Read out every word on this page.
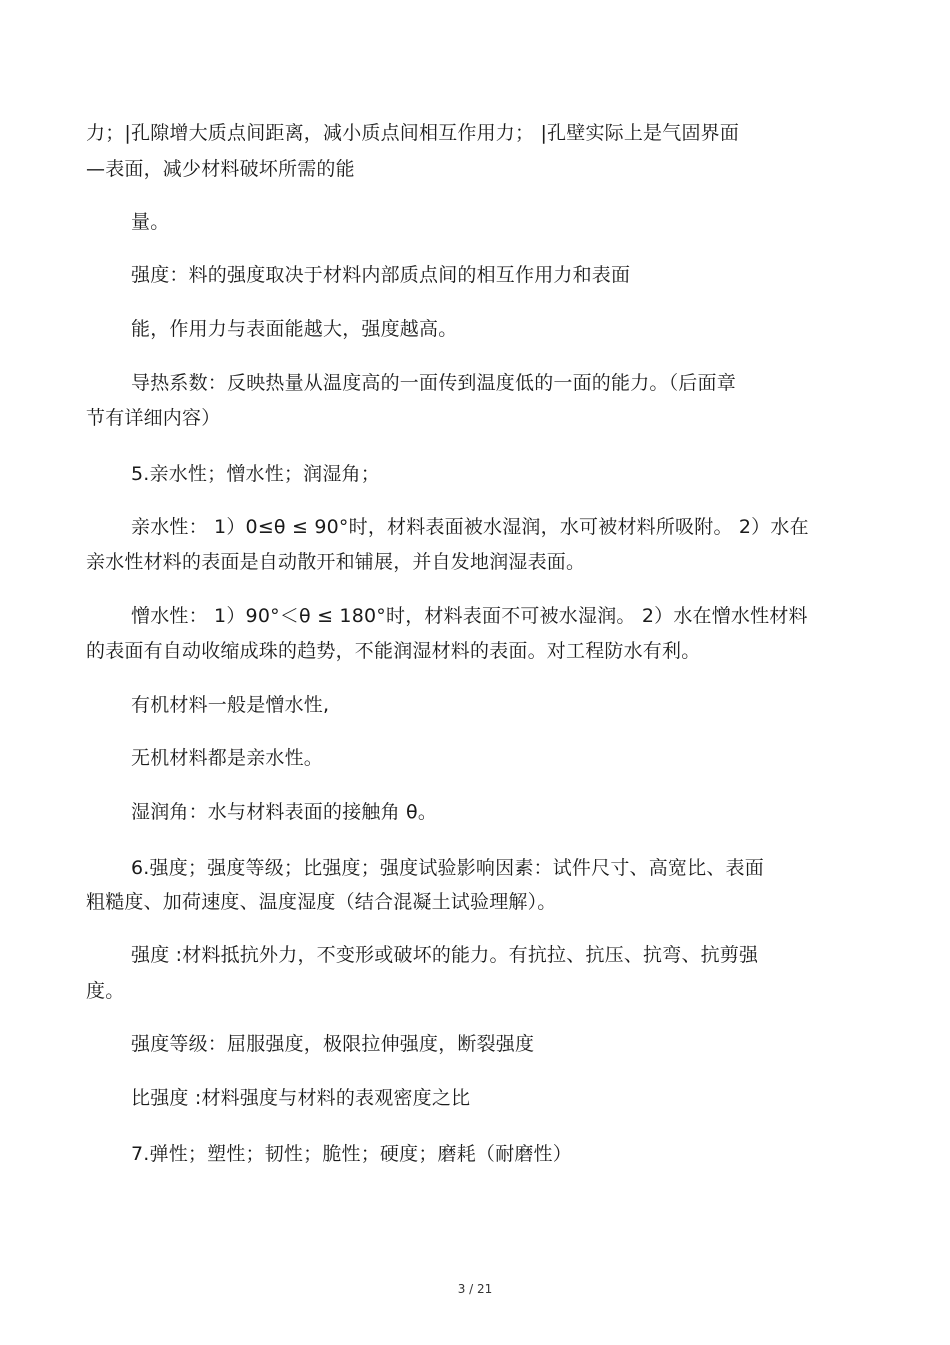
力；|孔隙增大质点间距离，减小质点间相互作用力； |孔壁实际上是气固界面
—表面，减少材料破坏所需的能
量。
强度：料的强度取决于材料内部质点间的相互作用力和表面
能，作用力与表面能越大，强度越高。
导热系数：反映热量从温度高的一面传到温度低的一面的能力。（后面章
节有详细内容）
5.亲水性；憎水性；润湿角；
亲水性： 1）0≤θ ≤ 90°时，材料表面被水湿润，水可被材料所吸附。 2）水在
亲水性材料的表面是自动散开和铺展，并自发地润湿表面。
憎水性： 1）90°＜θ ≤ 180°时，材料表面不可被水湿润。 2）水在憎水性材料
的表面有自动收缩成珠的趋势，不能润湿材料的表面。对工程防水有利。
有机材料一般是憎水性,
无机材料都是亲水性。
湿润角：水与材料表面的接触角 θ。
6.强度；强度等级；比强度；强度试验影响因素：试件尺寸、高宽比、表面
粗糙度、加荷速度、温度湿度（结合混凝土试验理解）。
强度 :材料抵抗外力，不变形或破坏的能力。有抗拉、抗压、抗弯、抗剪强
度。
强度等级：屈服强度，极限拉伸强度，断裂强度
比强度 :材料强度与材料的表观密度之比
7.弹性；塑性；韧性；脆性；硬度；磨耗（耐磨性）
3 / 21
